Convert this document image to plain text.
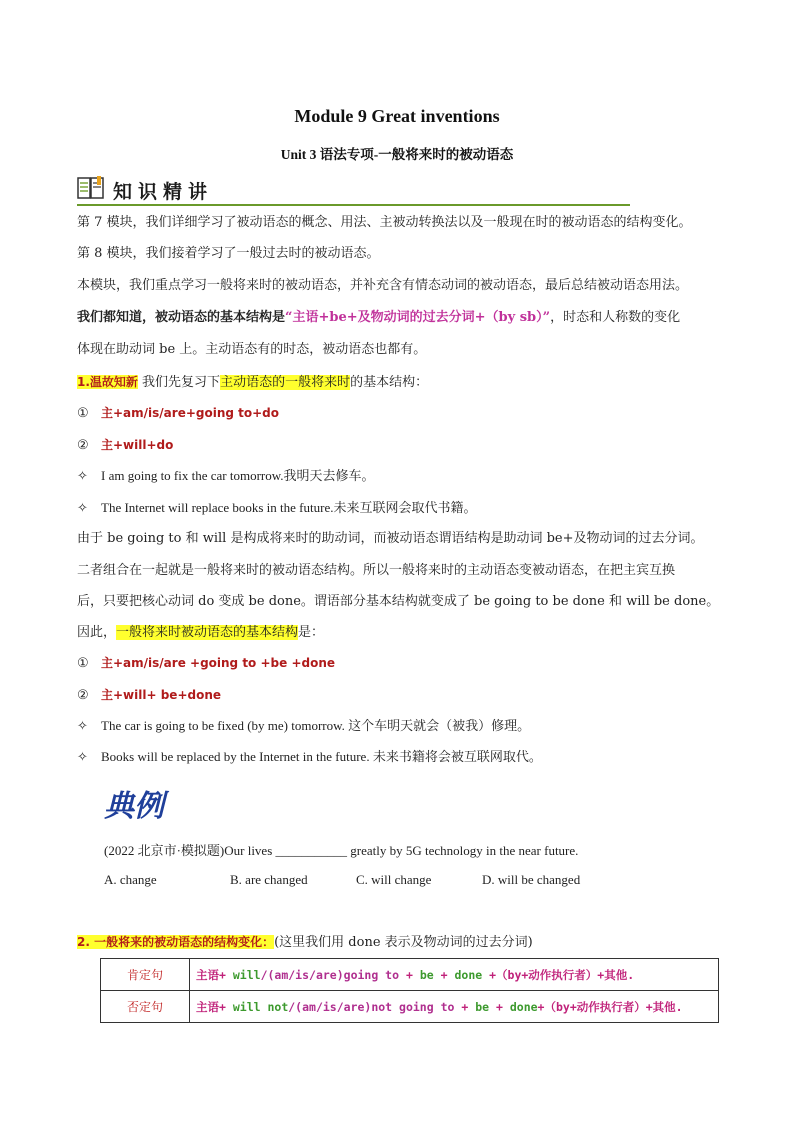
Module 9 Great inventions
Unit 3 语法专项-一般将来时的被动语态
知识精讲
第 7 模块，我们详细学习了被动语态的概念、用法、主被动转换法以及一般现在时的被动语态的结构变化。
第 8 模块，我们接着学习了一般过去时的被动语态。
本模块，我们重点学习一般将来时的被动语态，并补充含有情态动词的被动语态，最后总结被动语态用法。
我们都知道，被动语态的基本结构是“主语+be+及物动词的过去分词+（by sb）”，时态和人称数的变化
体现在助动词 be 上。主动语态有的时态，被动语态也都有。
1.温故知新 我们先复习下主动语态的一般将来时的基本结构：
① 主+am/is/are+going to+do
② 主+will+do
✧ I am going to fix the car tomorrow.我明天去修车。
✧ The Internet will replace books in the future.未来互联网会取代书籍。
由于 be going to 和 will 是构成将来时的助动词，而被动语态谓语结构是助动词 be+及物动词的过去分词。
二者组合在一起就是一般将来时的被动语态结构。所以一般将来时的主动语态变被动语态，在把主宾互换
后，只要把核心动词 do 变成 be done。谓语部分基本结构就变成了 be going to be done 和 will be done。
因此，一般将来时被动语态的基本结构是：
① 主+am/is/are +going to +be +done
② 主+will+ be+done
✧ The car is going to be fixed (by me) tomorrow. 这个车明天就会（被我）修理。
✧ Books will be replaced by the Internet in the future. 未来书籍将会被互联网取代。
典例
(2022 北京市·模拟题)Our lives ___________ greatly by 5G technology in the near future.
A. change	B. are changed	C. will change	D. will be changed
2. 一般将来的被动语态的结构变化：(这里我们用 done 表示及物动词的过去分词)
肯定句	主语+ will/(am/is/are)going to + be + done +（by+动作执行者）+其他.
否定句	主语+ will not/(am/is/are)not going to + be + done+（by+动作执行者）+其他.
